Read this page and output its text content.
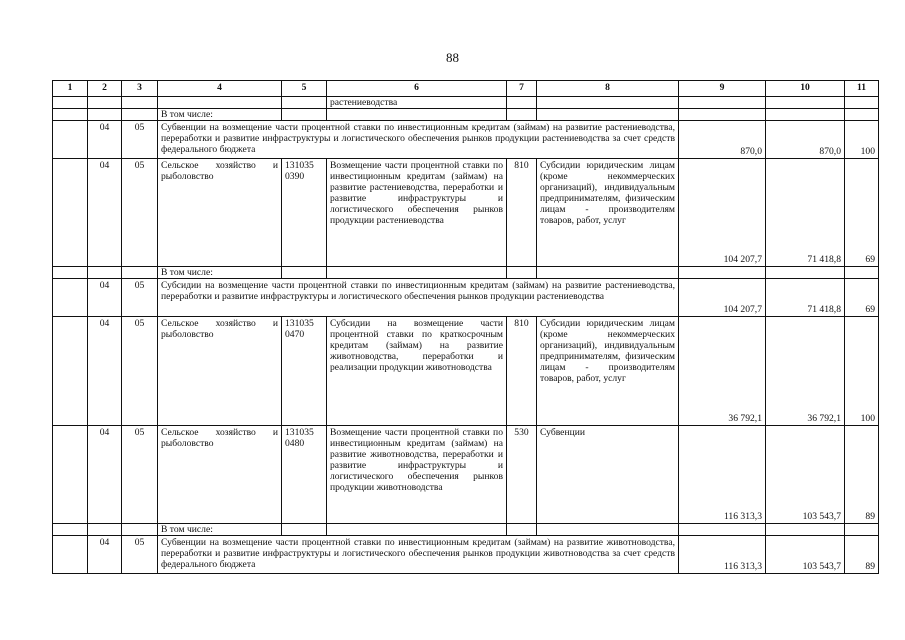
88
1	2	3	4	5	6	7	8	9	10	11
					растениеводства					
			В том числе:							
	04	05	Субвенции на возмещение части процентной ставки по инвестиционным кредитам (займам) на развитие растениеводства, переработки и развитие инфраструктуры и логистического обеспечения рынков продукции растениеводства за счет средств федерального бюджета					870,0	870,0	100
	04	05	Сельское хозяйство и рыболовство	131035 0390	Возмещение части процентной ставки по инвестиционным кредитам (займам) на развитие растениеводства, переработки и развитие инфраструктуры и логистического обеспечения рынков продукции растениеводства	810	Субсидии юридическим лицам (кроме некоммерческих организаций), индивидуальным предпринимателям, физическим лицам - производителям товаров, работ, услуг	104 207,7	71 418,8	69
			В том числе:							
	04	05	Субсидии на возмещение части процентной ставки по инвестиционным кредитам (займам) на развитие растениеводства, переработки и развитие инфраструктуры и логистического обеспечения рынков продукции растениеводства					104 207,7	71 418,8	69
	04	05	Сельское хозяйство и рыболовство	131035 0470	Субсидии на возмещение части процентной ставки по краткосрочным кредитам (займам) на развитие животноводства, переработки и реализации продукции животноводства	810	Субсидии юридическим лицам (кроме некоммерческих организаций), индивидуальным предпринимателям, физическим лицам - производителям товаров, работ, услуг	36 792,1	36 792,1	100
	04	05	Сельское хозяйство и рыболовство	131035 0480	Возмещение части процентной ставки по инвестиционным кредитам (займам) на развитие животноводства, переработки и развитие инфраструктуры и логистического обеспечения рынков продукции животноводства	530	Субвенции	116 313,3	103 543,7	89
			В том числе:							
	04	05	Субвенции на возмещение части процентной ставки по инвестиционным кредитам (займам) на развитие животноводства, переработки и развитие инфраструктуры и логистического обеспечения рынков продукции животноводства за счет средств федерального бюджета					116 313,3	103 543,7	89
